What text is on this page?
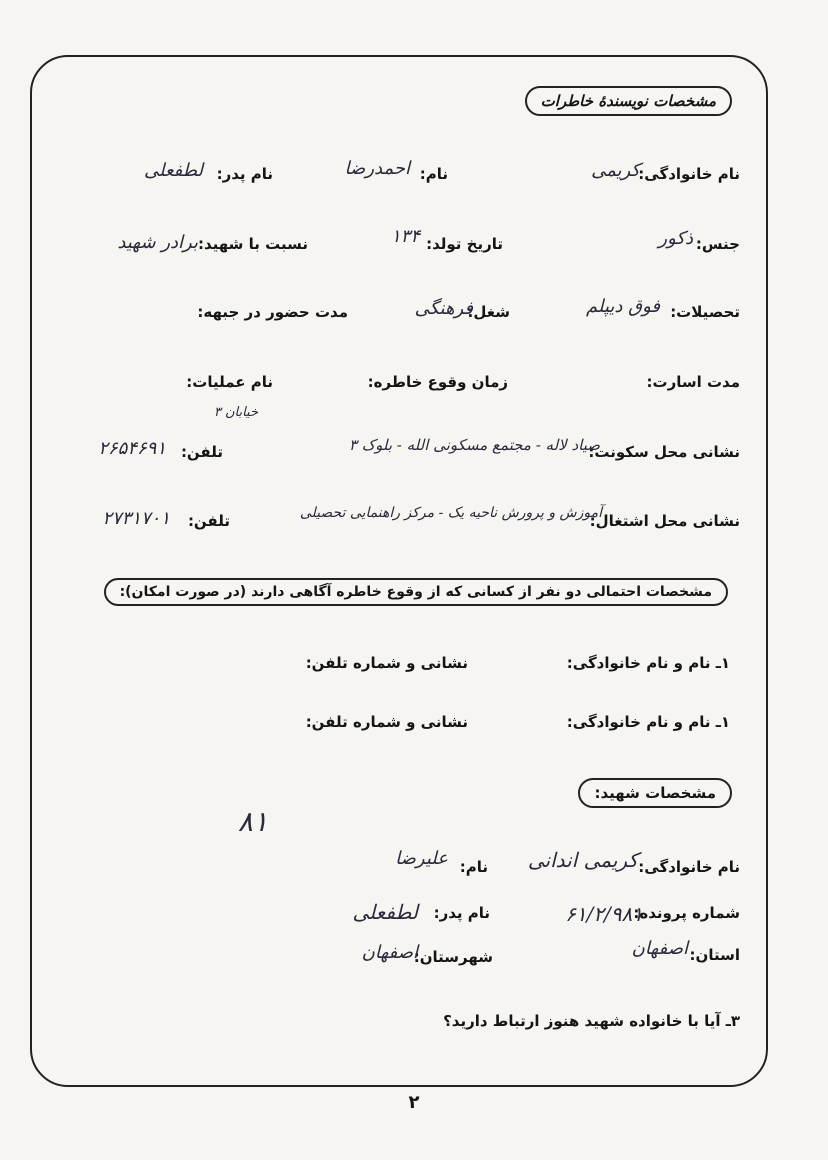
مشخصات نویسندهٔ خاطرات
نام خانوادگی:
کریمی
نام:
احمدرضا
نام پدر:
لطفعلی
جنس:
ذکور
تاریخ تولد:
۱۳۴
نسبت با شهید:
برادر شهید
تحصیلات:
فوق دیپلم
شغل:
فرهنگی
مدت حضور در جبهه:
مدت اسارت:
زمان وقوع خاطره:
نام عملیات:
نشانی محل سکونت:
صیاد لاله - مجتمع مسکونی الله - بلوک ۳
خیابان ۳
تلفن:
۲۶۵۴۶۹۱
نشانی محل اشتغال:
آموزش و پرورش ناحیه یک - مرکز راهنمایی تحصیلی
تلفن:
۲۷۳۱۷۰۱
مشخصات احتمالی دو نفر از کسانی که از وقوع خاطره آگاهی دارند (در صورت امکان):
۱ـ نام و نام خانوادگی:
نشانی و شماره تلفن:
۱ـ نام و نام خانوادگی:
نشانی و شماره تلفن:
مشخصات شهید:
۸۱
نام خانوادگی:
کریمی اندانی
نام:
علیرضا
شماره پرونده:
۶۱/۲/۹۸۱
نام پدر:
لطفعلی
استان:
اصفهان
شهرستان:
اصفهان
۳ـ آیا با خانواده شهید هنوز ارتباط دارید؟
۲
